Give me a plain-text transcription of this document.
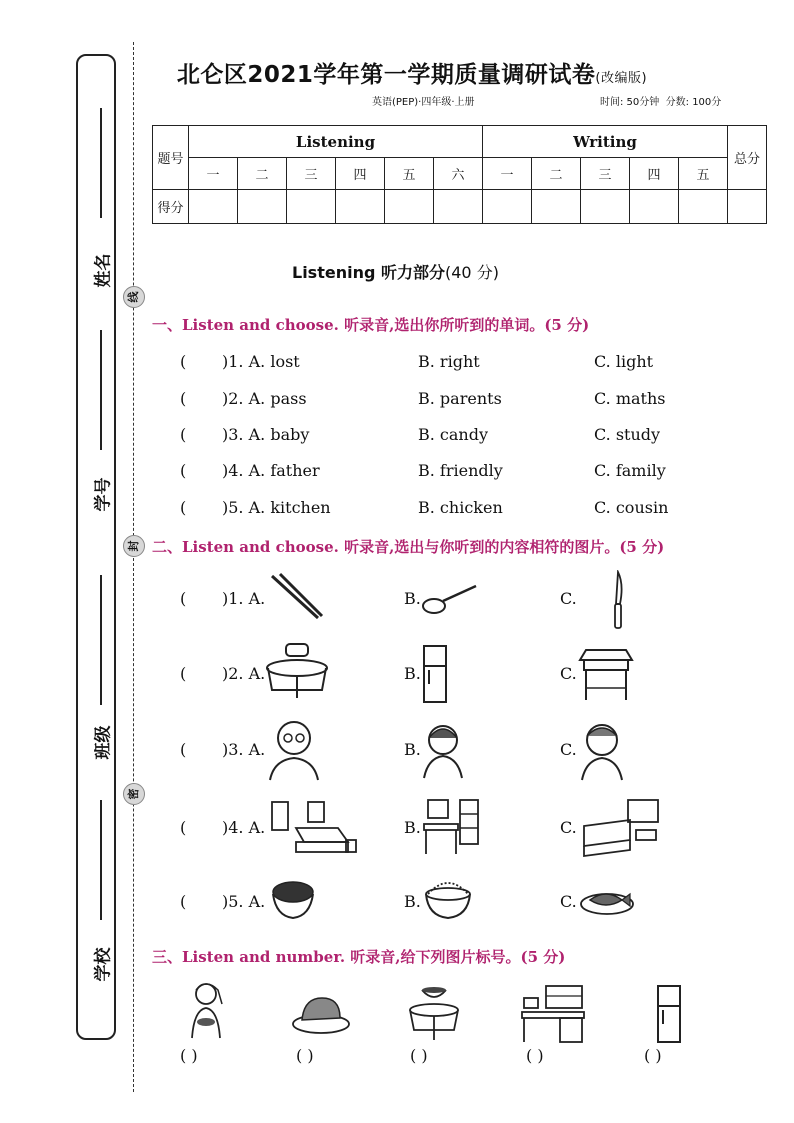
姓名
学号
班级
学校
线
封
密
北仑区2021学年第一学期质量调研试卷(改编版)
英语(PEP)·四年级·上册	时间: 50分钟 分数: 100分
题号	Listening						Writing					总分
	一	二	三	四	五	六	一	二	三	四	五	
得分												
Listening 听力部分(40 分)
一、Listen and choose. 听录音,选出你所听到的单词。(5 分)
( )1. A. lost	B. right	C. light
( )2. A. pass	B. parents	C. maths
( )3. A. baby	B. candy	C. study
( )4. A. father	B. friendly	C. family
( )5. A. kitchen	B. chicken	C. cousin
二、Listen and choose. 听录音,选出与你听到的内容相符的图片。(5 分)
( )1. A.	B.	C.
( )2. A.	B.	C.
( )3. A.	B.	C.
( )4. A.	B.	C.
( )5. A.	B.	C.
三、Listen and number. 听录音,给下列图片标号。(5 分)
( )	( )	( )	( )	( )
